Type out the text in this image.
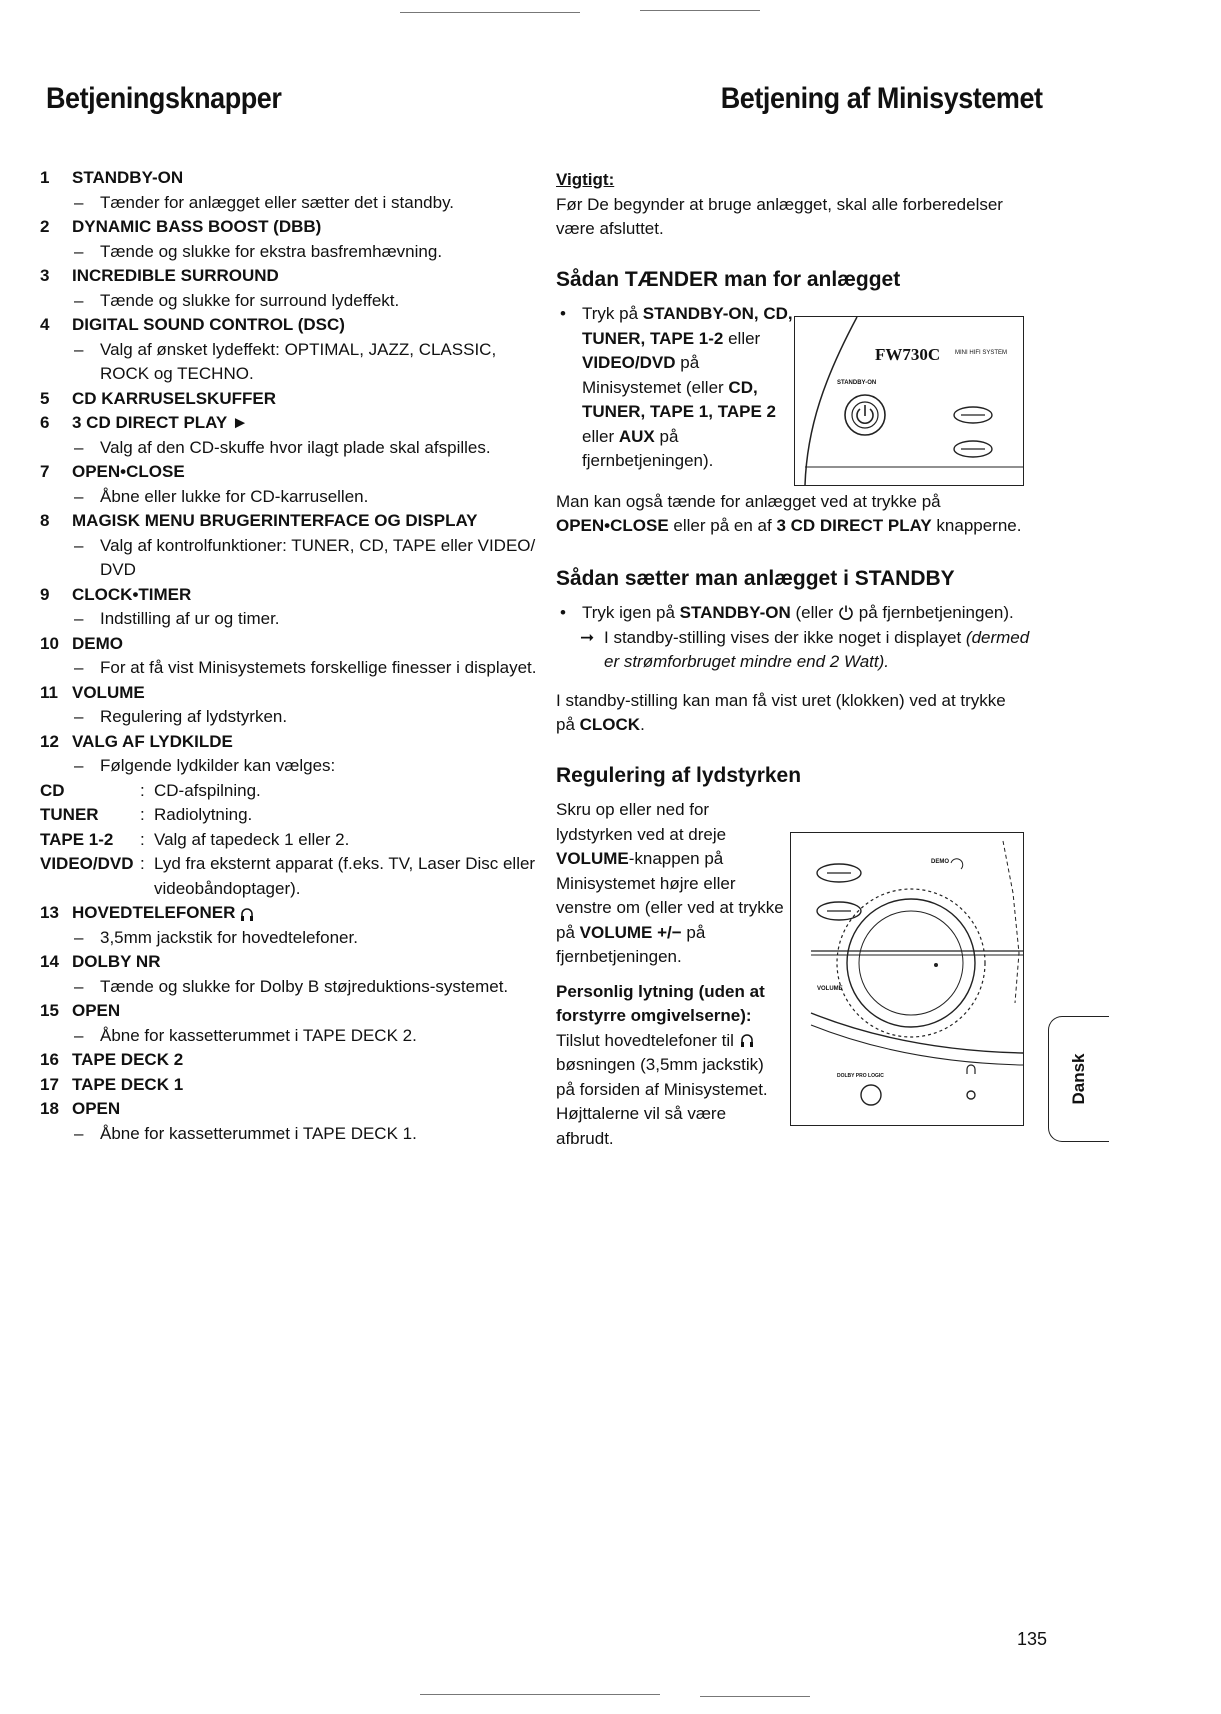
Betjeningsknapper	Betjening af Minisystemet
1 STANDBY-ON
– Tænder for anlægget eller sætter det i standby.
2 DYNAMIC BASS BOOST (DBB)
– Tænde og slukke for ekstra basfremhævning.
3 INCREDIBLE SURROUND
– Tænde og slukke for surround lydeffekt.
4 DIGITAL SOUND CONTROL (DSC)
– Valg af ønsket lydeffekt: OPTIMAL, JAZZ, CLASSIC, ROCK og TECHNO.
5 CD KARRUSELSKUFFER
6 3 CD DIRECT PLAY ►
– Valg af den CD-skuffe hvor ilagt plade skal afspilles.
7 OPEN•CLOSE
– Åbne eller lukke for CD-karrusellen.
8 MAGISK MENU BRUGERINTERFACE OG DISPLAY
– Valg af kontrolfunktioner: TUNER, CD, TAPE eller VIDEO/ DVD
9 CLOCK•TIMER
– Indstilling af ur og timer.
10 DEMO
– For at få vist Minisystemets forskellige finesser i displayet.
11 VOLUME
– Regulering af lydstyrken.
12 VALG AF LYDKILDE
– Følgende lydkilder kan vælges:
CD	: CD-afspilning.
TUNER	: Radiolytning.
TAPE 1-2	: Valg af tapedeck 1 eller 2.
VIDEO/DVD : Lyd fra eksternt apparat (f.eks. TV, Laser Disc eller videobåndoptager).
13 HOVEDTELEFONER
– 3,5mm jackstik for hovedtelefoner.
14 DOLBY NR
– Tænde og slukke for Dolby B støjreduktions-systemet.
15 OPEN
– Åbne for kassetterummet i TAPE DECK 2.
16 TAPE DECK 2
17 TAPE DECK 1
18 OPEN
– Åbne for kassetterummet i TAPE DECK 1.
Vigtigt:
Før De begynder at bruge anlægget, skal alle forberedelser være afsluttet.
Sådan TÆNDER man for anlægget
• Tryk på STANDBY-ON, CD, TUNER, TAPE 1-2 eller VIDEO/DVD på Minisystemet (eller CD, TUNER, TAPE 1, TAPE 2 eller AUX på fjernbetjeningen).
Man kan også tænde for anlægget ved at trykke på OPEN•CLOSE eller på en af 3 CD DIRECT PLAY knapperne.
Sådan sætter man anlægget i STANDBY
• Tryk igen på STANDBY-ON (eller  på fjernbetjeningen).
➞ I standby-stilling vises der ikke noget i displayet (dermed er strømforbruget mindre end 2 Watt).
I standby-stilling kan man få vist uret (klokken) ved at trykke på CLOCK.
Regulering af lydstyrken
Skru op eller ned for lydstyrken ved at dreje VOLUME-knappen på Minisystemet højre eller venstre om (eller ved at trykke på VOLUME +/− på fjernbetjeningen.
Personlig lytning (uden at forstyrre omgivelserne):
Tilslut hovedtelefoner til  bøsningen (3,5mm jackstik) på forsiden af Minisystemet. Højttalerne vil så være afbrudt.
FW730C MINI HIFI SYSTEM
STANDBY-ON
DEMO
VOLUME
DOLBY PRO LOGIC	Dansk
135
